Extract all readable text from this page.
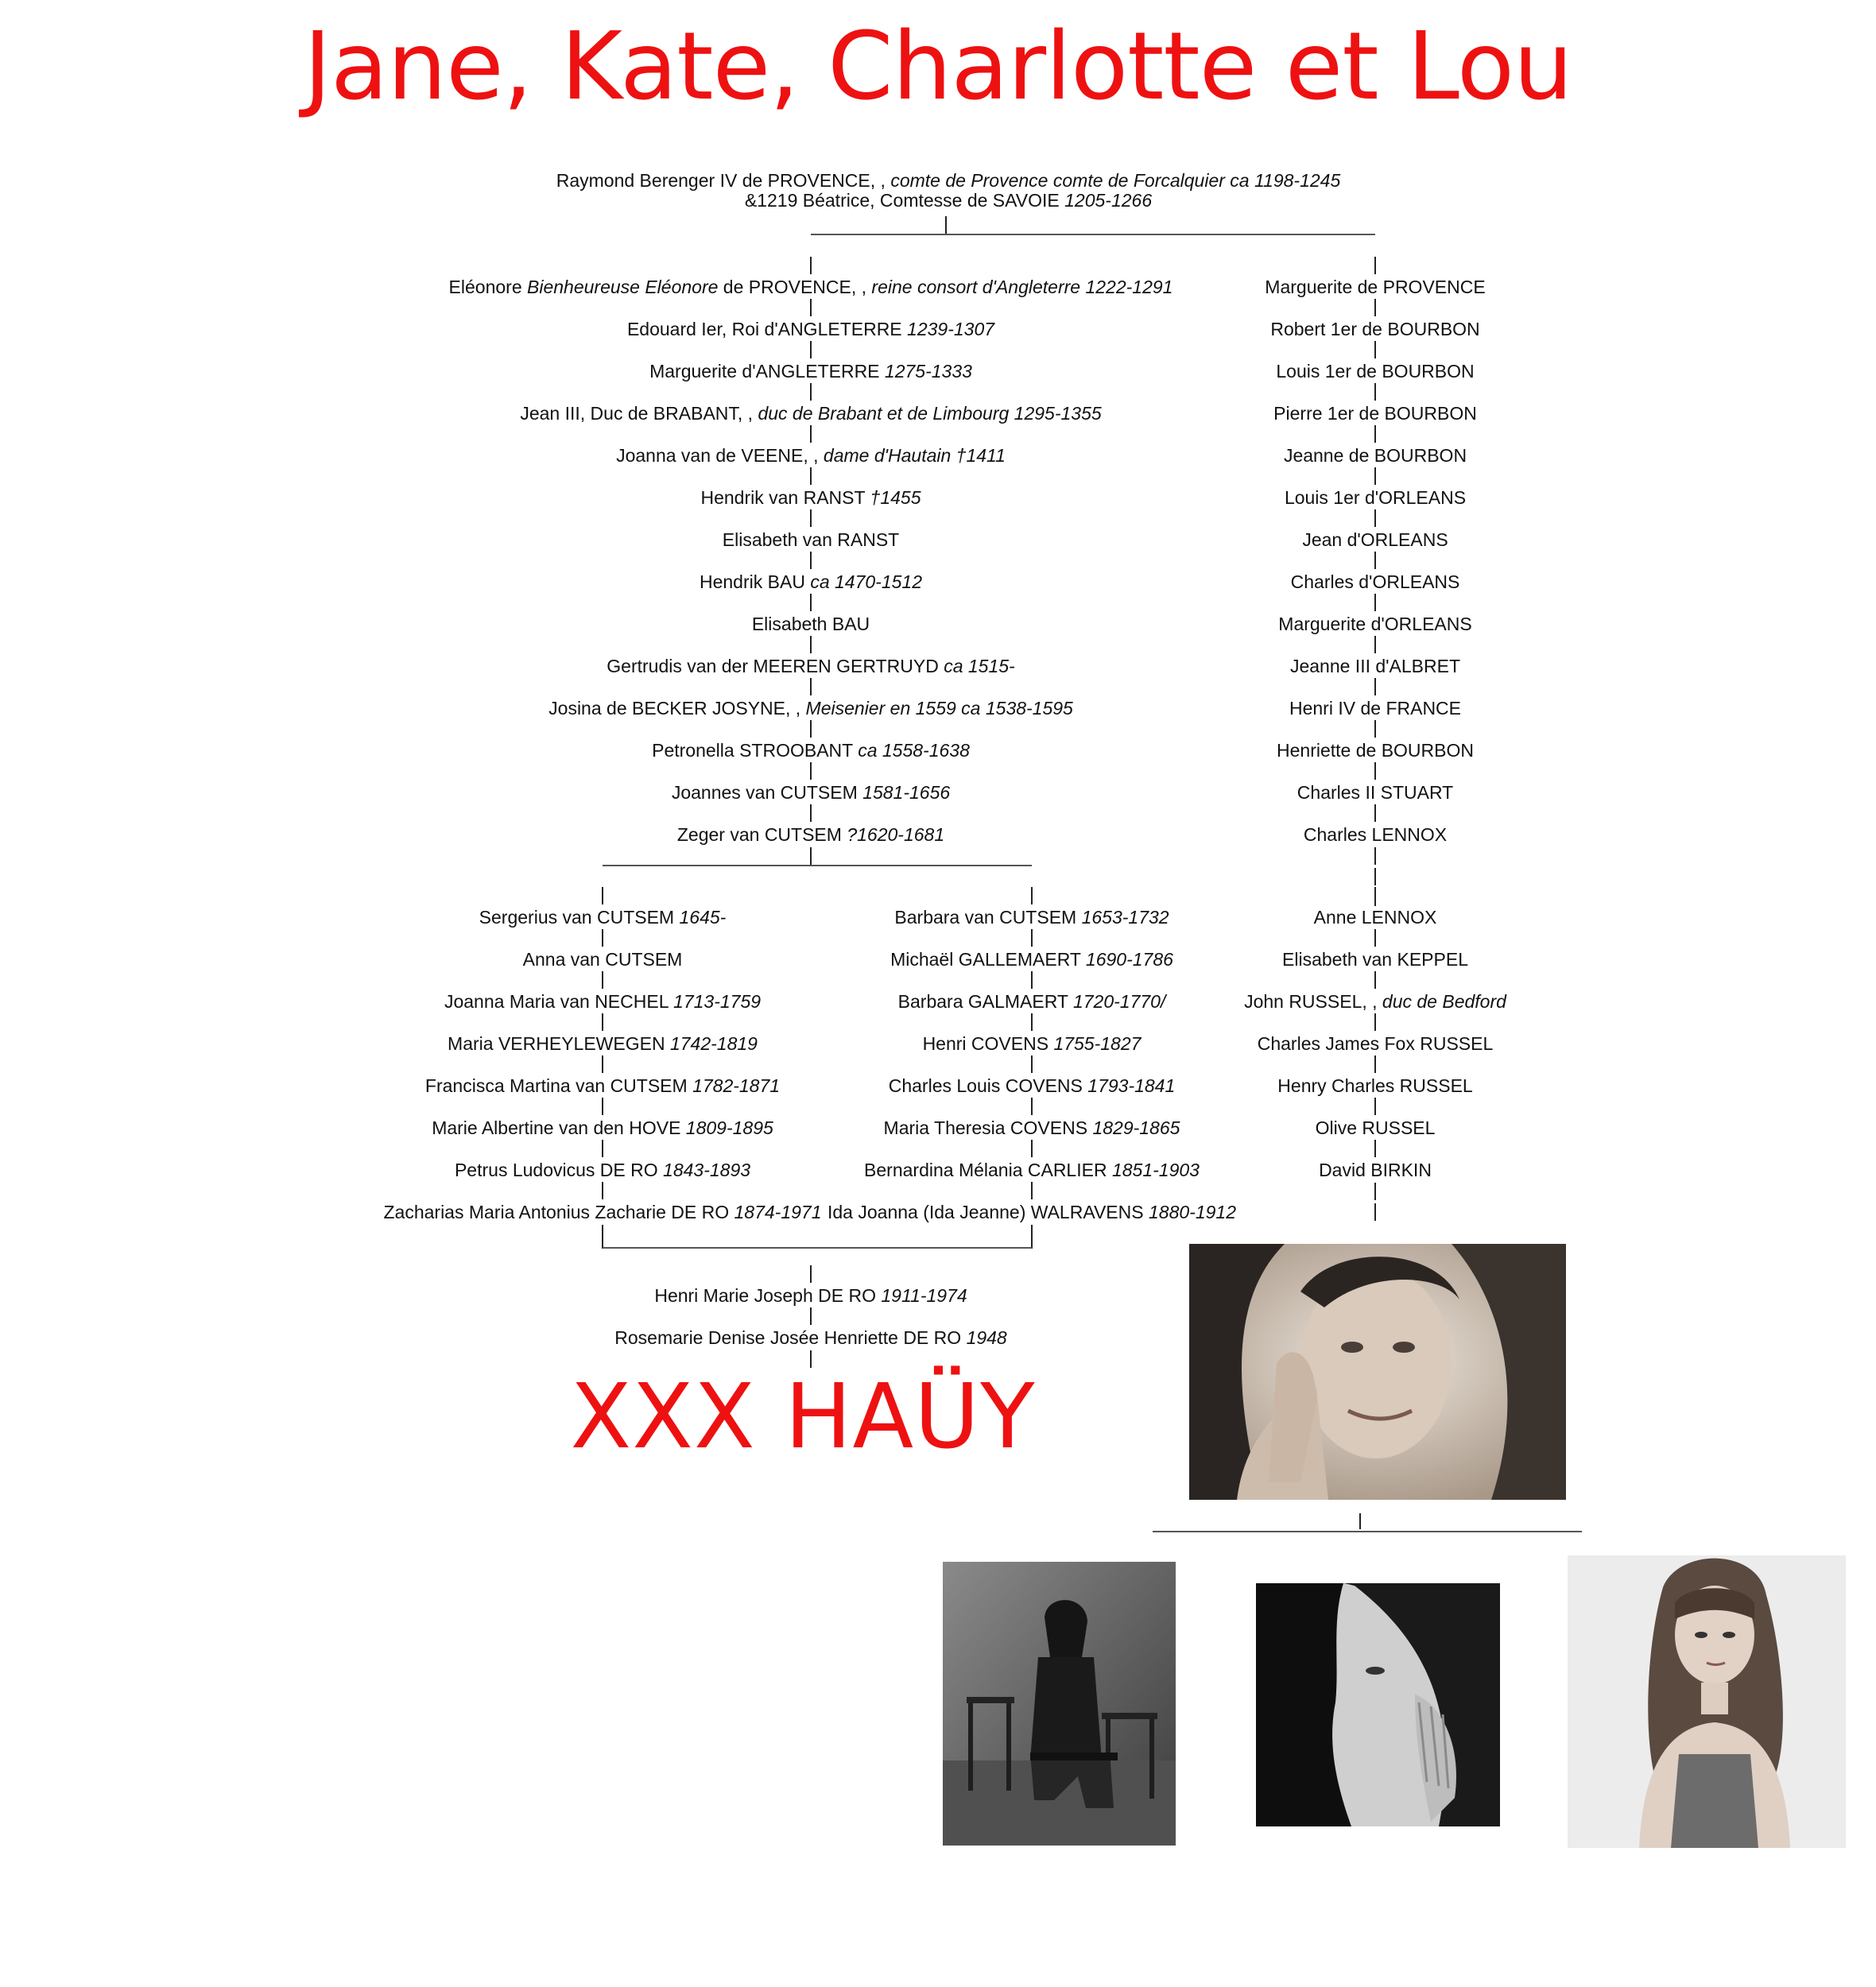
Jane, Kate, Charlotte et Lou
Raymond Berenger IV de PROVENCE, , comte de Provence comte de Forcalquier ca 1198-1245
&1219 Béatrice, Comtesse de SAVOIE 1205-1266
Eléonore Bienheureuse Eléonore de PROVENCE, , reine consort d'Angleterre 1222-1291
Edouard Ier, Roi d'ANGLETERRE 1239-1307
Marguerite d'ANGLETERRE 1275-1333
Jean III, Duc de BRABANT, , duc de Brabant et de Limbourg 1295-1355
Joanna van de VEENE, , dame d'Hautain †1411
Hendrik van RANST †1455
Elisabeth van RANST
Hendrik BAU ca 1470-1512
Elisabeth BAU
Gertrudis van der MEEREN GERTRUYD ca 1515-
Josina de BECKER JOSYNE, , Meisenier en 1559 ca 1538-1595
Petronella STROOBANT ca 1558-1638
Joannes van CUTSEM 1581-1656
Zeger van CUTSEM ?1620-1681
Marguerite de PROVENCE
Robert 1er de BOURBON
Louis 1er de BOURBON
Pierre 1er de BOURBON
Jeanne de BOURBON
Louis 1er d'ORLEANS
Jean d'ORLEANS
Charles d'ORLEANS
Marguerite d'ORLEANS
Jeanne III d'ALBRET
Henri IV de FRANCE
Henriette de BOURBON
Charles II STUART
Charles LENNOX
Anne LENNOX
Elisabeth van KEPPEL
John RUSSEL, , duc de Bedford
Charles James Fox RUSSEL
Henry Charles RUSSEL
Olive RUSSEL
David BIRKIN
Sergerius van CUTSEM 1645-
Anna van CUTSEM
Joanna Maria van NECHEL 1713-1759
Maria VERHEYLEWEGEN 1742-1819
Francisca Martina van CUTSEM 1782-1871
Marie Albertine van den HOVE 1809-1895
Petrus Ludovicus DE RO 1843-1893
Zacharias Maria Antonius Zacharie DE RO 1874-1971
Barbara van CUTSEM 1653-1732
Michaël GALLEMAERT 1690-1786
Barbara GALMAERT 1720-1770/
Henri COVENS 1755-1827
Charles Louis COVENS 1793-1841
Maria Theresia COVENS 1829-1865
Bernardina Mélania CARLIER 1851-1903
Ida Joanna (Ida Jeanne) WALRAVENS 1880-1912
Henri Marie Joseph DE RO 1911-1974
Rosemarie Denise Josée Henriette DE RO 1948
XXX HAÜY
